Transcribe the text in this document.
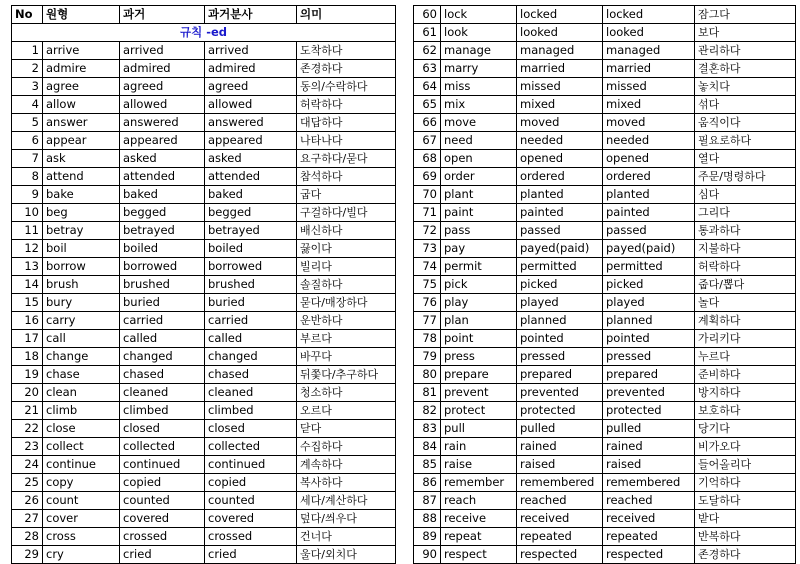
No	원형	과거	과거분사	의미
규칙 -ed				
1	arrive	arrived	arrived	도착하다
2	admire	admired	admired	존경하다
3	agree	agreed	agreed	동의/수락하다
4	allow	allowed	allowed	허락하다
5	answer	answered	answered	대답하다
6	appear	appeared	appeared	나타나다
7	ask	asked	asked	요구하다/묻다
8	attend	attended	attended	참석하다
9	bake	baked	baked	굽다
10	beg	begged	begged	구걸하다/빌다
11	betray	betrayed	betrayed	배신하다
12	boil	boiled	boiled	끓이다
13	borrow	borrowed	borrowed	빌리다
14	brush	brushed	brushed	솔질하다
15	bury	buried	buried	묻다/매장하다
16	carry	carried	carried	운반하다
17	call	called	called	부르다
18	change	changed	changed	바꾸다
19	chase	chased	chased	뒤쫓다/추구하다
20	clean	cleaned	cleaned	청소하다
21	climb	climbed	climbed	오르다
22	close	closed	closed	닫다
23	collect	collected	collected	수집하다
24	continue	continued	continued	계속하다
25	copy	copied	copied	복사하다
26	count	counted	counted	세다/계산하다
27	cover	covered	covered	덮다/씌우다
28	cross	crossed	crossed	건너다
29	cry	cried	cried	울다/외치다
60	lock	locked	locked	잠그다
61	look	looked	looked	보다
62	manage	managed	managed	관리하다
63	marry	married	married	결혼하다
64	miss	missed	missed	놓치다
65	mix	mixed	mixed	섞다
66	move	moved	moved	움직이다
67	need	needed	needed	필요로하다
68	open	opened	opened	열다
69	order	ordered	ordered	주문/명령하다
70	plant	planted	planted	심다
71	paint	painted	painted	그리다
72	pass	passed	passed	통과하다
73	pay	payed(paid)	payed(paid)	지불하다
74	permit	permitted	permitted	허락하다
75	pick	picked	picked	줍다/뽑다
76	play	played	played	놀다
77	plan	planned	planned	계획하다
78	point	pointed	pointed	가리키다
79	press	pressed	pressed	누르다
80	prepare	prepared	prepared	준비하다
81	prevent	prevented	prevented	방지하다
82	protect	protected	protected	보호하다
83	pull	pulled	pulled	당기다
84	rain	rained	rained	비가오다
85	raise	raised	raised	들어올리다
86	remember	remembered	remembered	기억하다
87	reach	reached	reached	도달하다
88	receive	received	received	받다
89	repeat	repeated	repeated	반복하다
90	respect	respected	respected	존경하다
